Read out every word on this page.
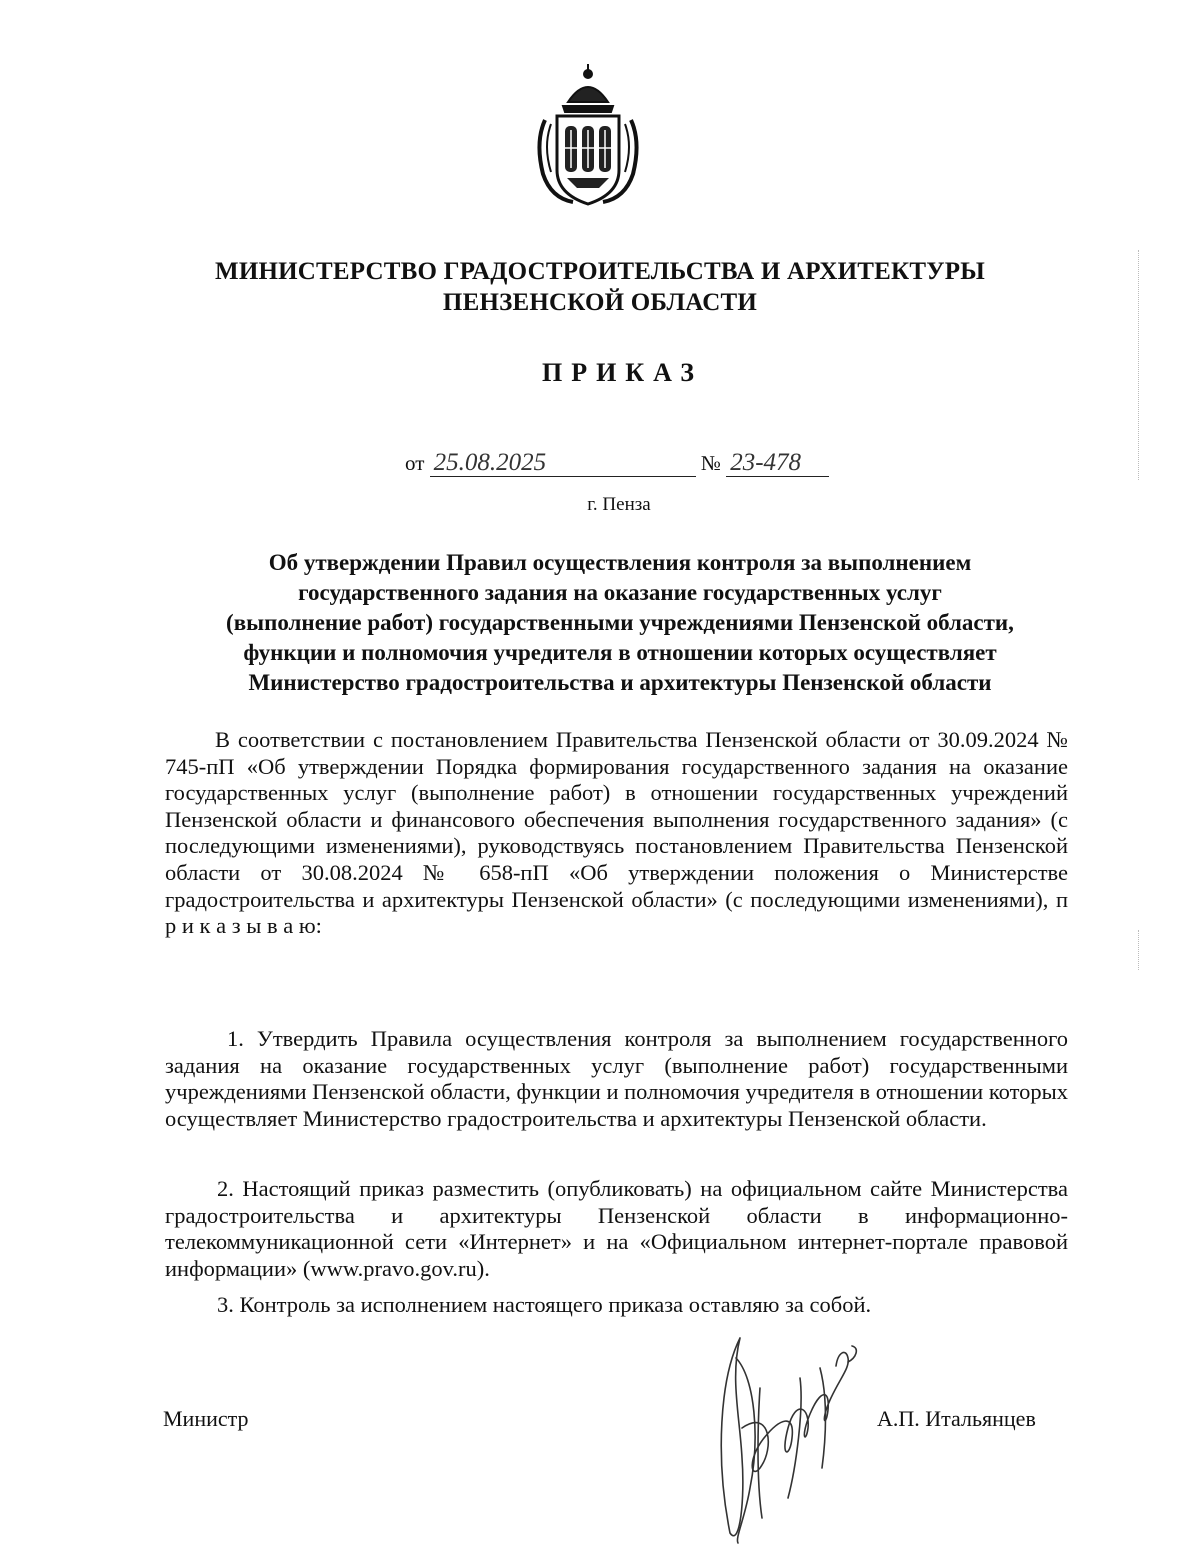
МИНИСТЕРСТВО ГРАДОСТРОИТЕЛЬСТВА И АРХИТЕКТУРЫ
ПЕНЗЕНСКОЙ ОБЛАСТИ
ПРИКАЗ
от 25.08.2025	№ 23-478
г. Пенза
Об утверждении Правил осуществления контроля за выполнением
государственного задания на оказание государственных услуг
(выполнение работ) государственными учреждениями Пензенской области,
функции и полномочия учредителя в отношении которых осуществляет
Министерство градостроительства и архитектуры Пензенской области

В соответствии с постановлением Правительства Пензенской области от 30.09.2024 № 745-пП «Об утверждении Порядка формирования государственного задания на оказание государственных услуг (выполнение работ) в отношении государственных учреждений Пензенской области и финансового обеспечения выполнения государственного задания» (с последующими изменениями), руководствуясь постановлением Правительства Пензенской области от 30.08.2024 № 658-пП «Об утверждении положения о Министерстве градостроительства и архитектуры Пензенской области» (с последующими изменениями), п р и к а з ы в а ю:

1. Утвердить Правила осуществления контроля за выполнением государственного задания на оказание государственных услуг (выполнение работ) государственными учреждениями Пензенской области, функции и полномочия учредителя в отношении которых осуществляет Министерство градостроительства и архитектуры Пензенской области.

2. Настоящий приказ разместить (опубликовать) на официальном сайте Министерства градостроительства и архитектуры Пензенской области в информационно-телекоммуникационной сети «Интернет» и на «Официальном интернет-портале правовой информации» (www.pravo.gov.ru).

3. Контроль за исполнением настоящего приказа оставляю за собой.

Министр	А.П. Итальянцев
